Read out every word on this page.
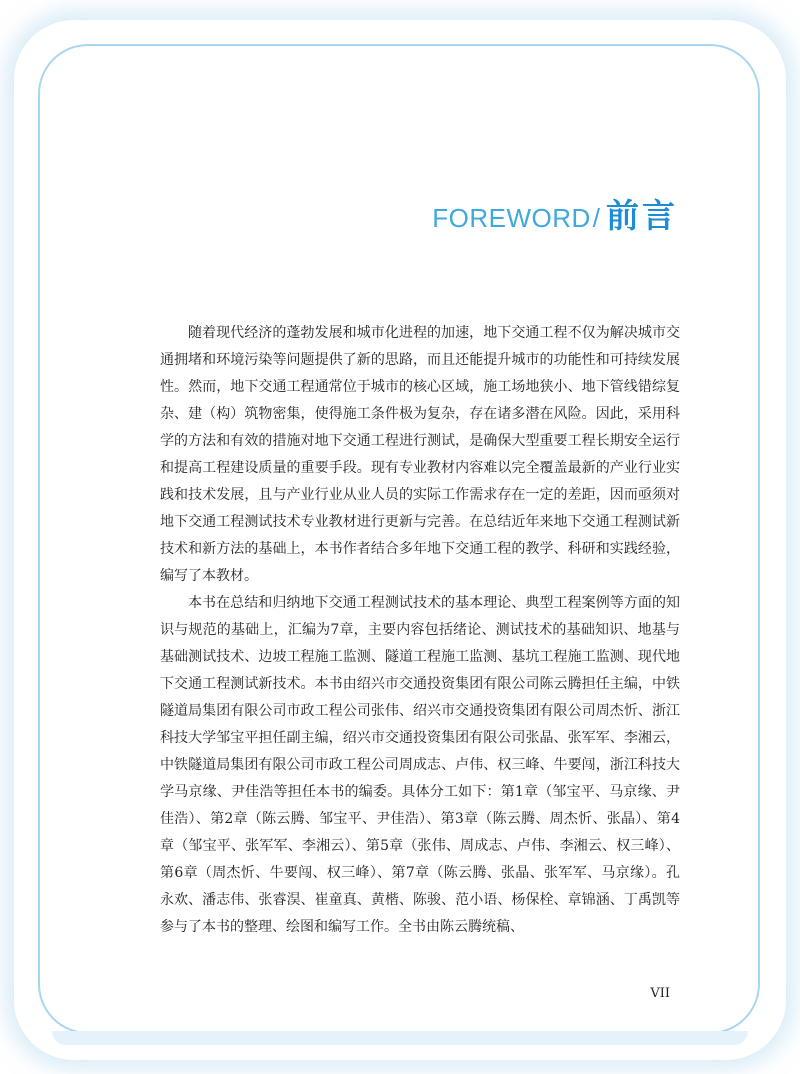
FOREWORD / 前言

随着现代经济的蓬勃发展和城市化进程的加速，地下交通工程不仅为解决城市交通拥堵和环境污染等问题提供了新的思路，而且还能提升城市的功能性和可持续发展性。然而，地下交通工程通常位于城市的核心区域，施工场地狭小、地下管线错综复杂、建（构）筑物密集，使得施工条件极为复杂，存在诸多潜在风险。因此，采用科学的方法和有效的措施对地下交通工程进行测试，是确保大型重要工程长期安全运行和提高工程建设质量的重要手段。现有专业教材内容难以完全覆盖最新的产业行业实践和技术发展，且与产业行业从业人员的实际工作需求存在一定的差距，因而亟须对地下交通工程测试技术专业教材进行更新与完善。在总结近年来地下交通工程测试新技术和新方法的基础上，本书作者结合多年地下交通工程的教学、科研和实践经验，编写了本教材。

本书在总结和归纳地下交通工程测试技术的基本理论、典型工程案例等方面的知识与规范的基础上，汇编为7章，主要内容包括绪论、测试技术的基础知识、地基与基础测试技术、边坡工程施工监测、隧道工程施工监测、基坑工程施工监测、现代地下交通工程测试新技术。本书由绍兴市交通投资集团有限公司陈云腾担任主编，中铁隧道局集团有限公司市政工程公司张伟、绍兴市交通投资集团有限公司周杰忻、浙江科技大学邹宝平担任副主编，绍兴市交通投资集团有限公司张晶、张军军、李湘云，中铁隧道局集团有限公司市政工程公司周成志、卢伟、权三峰、牛要闯，浙江科技大学马京缘、尹佳浩等担任本书的编委。具体分工如下：第1章（邹宝平、马京缘、尹佳浩）、第2章（陈云腾、邹宝平、尹佳浩）、第3章（陈云腾、周杰忻、张晶）、第4章（邹宝平、张军军、李湘云）、第5章（张伟、周成志、卢伟、李湘云、权三峰）、第6章（周杰忻、牛要闯、权三峰）、第7章（陈云腾、张晶、张军军、马京缘）。孔永欢、潘志伟、张睿淏、崔童真、黄楷、陈骏、范小语、杨保栓、章锦涵、丁禹凯等参与了本书的整理、绘图和编写工作。全书由陈云腾统稿、

VII
